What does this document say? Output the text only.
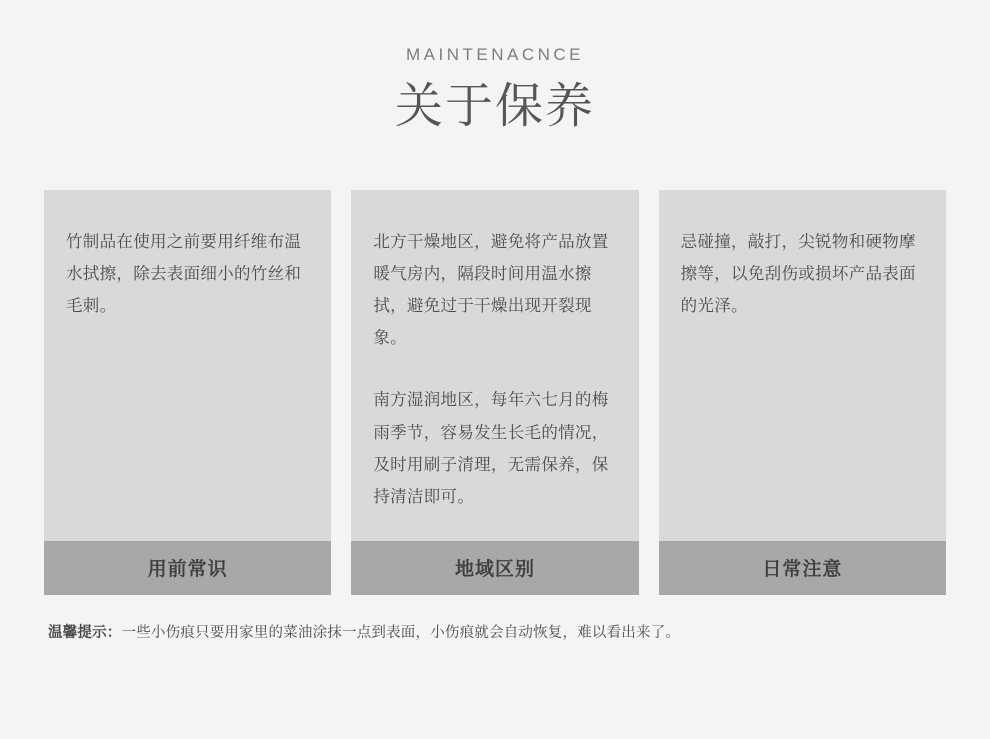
MAINTENACNCE
关于保养

竹制品在使用之前要用纤维布温水拭擦，除去表面细小的竹丝和毛刺。

用前常识

北方干燥地区，避免将产品放置暖气房内，隔段时间用温水擦拭，避免过于干燥出现开裂现象。

南方湿润地区，每年六七月的梅雨季节，容易发生长毛的情况，及时用刷子清理，无需保养，保持清洁即可。

地域区别

忌碰撞，敲打，尖锐物和硬物摩擦等，以免刮伤或损坏产品表面的光泽。

日常注意
温馨提示：一些小伤痕只要用家里的菜油涂抹一点到表面，小伤痕就会自动恢复，难以看出来了。
